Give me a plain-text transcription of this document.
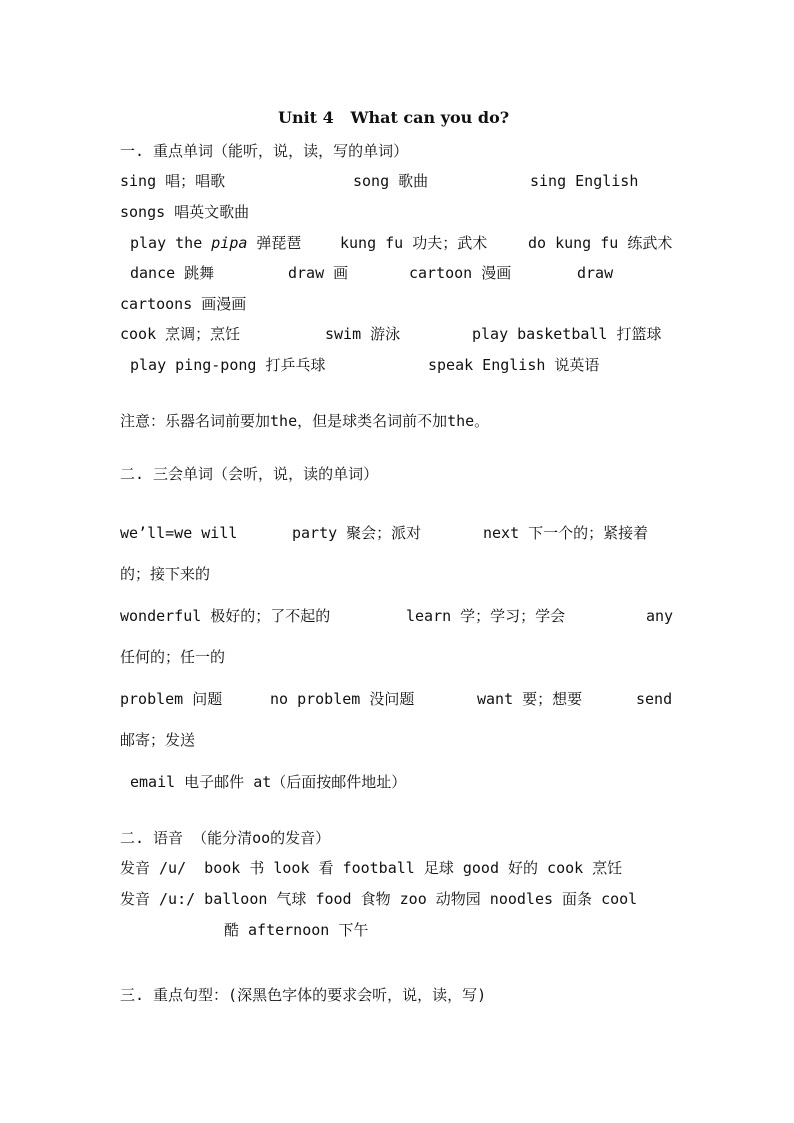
Unit 4   What can you do?
一. 重点单词（能听，说，读，写的单词）
sing 唱；唱歌	song 歌曲	sing English
songs 唱英文歌曲
play the pipa 弹琵琶	kung fu 功夫；武术	do kung fu 练武术
dance 跳舞	draw 画	cartoon 漫画	draw
cartoons 画漫画
cook 烹调；烹饪	swim 游泳	play basketball 打篮球
play ping-pong 打乒乓球	speak English 说英语
注意：乐器名词前要加the，但是球类名词前不加the。
二. 三会单词（会听，说，读的单词）
we’ll=we will	party 聚会；派对	next 下一个的；紧接着
的；接下来的
wonderful 极好的；了不起的	learn 学；学习；学会	any
任何的；任一的
problem 问题	no problem 没问题	want 要；想要	send
邮寄；发送
email 电子邮件 at（后面按邮件地址）
二. 语音 （能分清oo的发音）
发音 /u/  book 书 look 看 football 足球 good 好的 cook 烹饪
发音 /u:/ balloon 气球 food 食物 zoo 动物园 noodles 面条 cool
酷 afternoon 下午
三. 重点句型：(深黑色字体的要求会听，说，读，写)
